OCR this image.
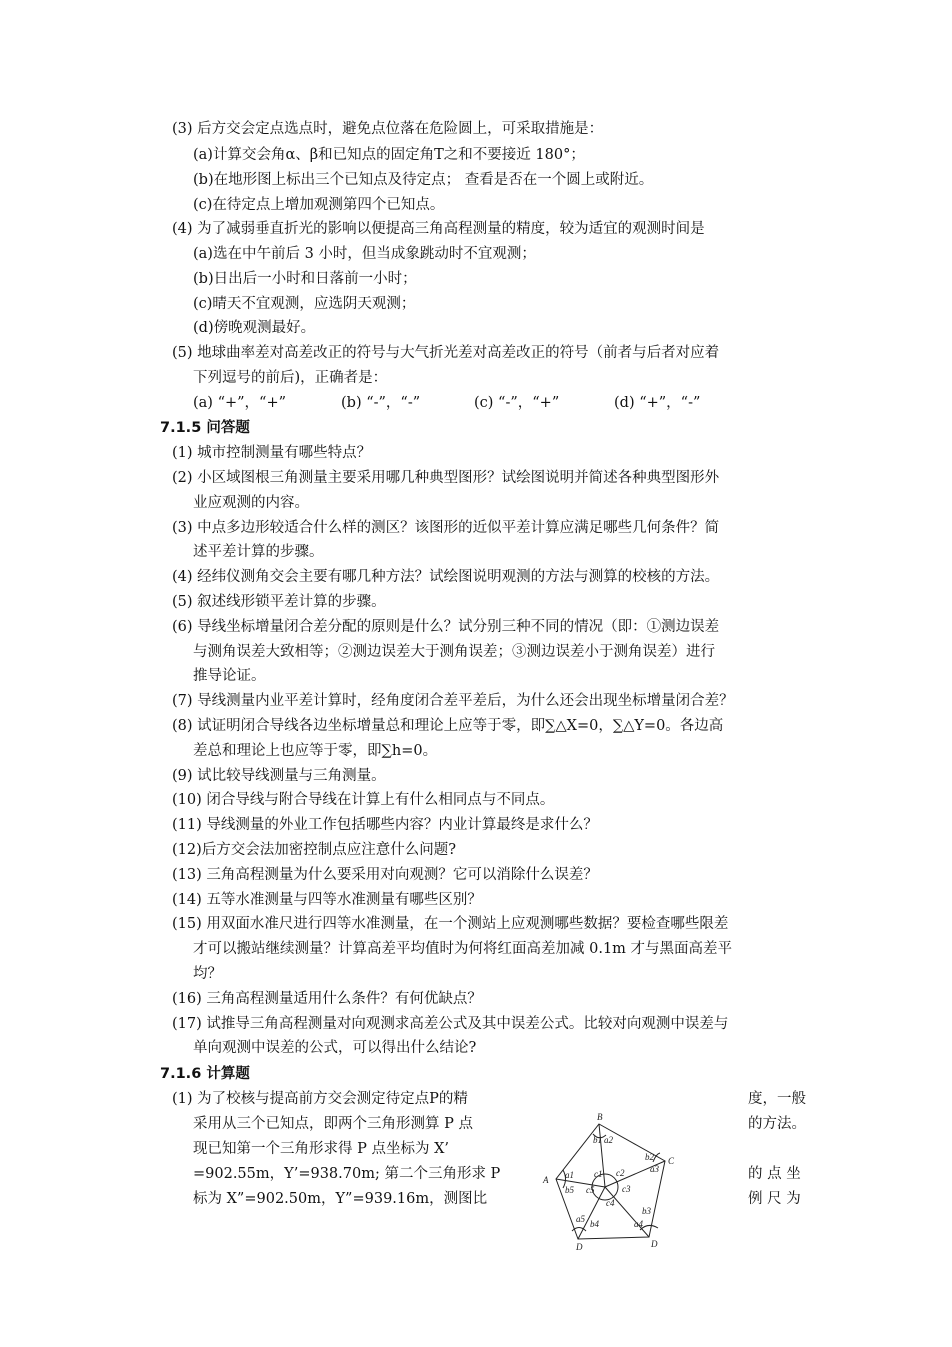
(3) 后方交会定点选点时，避免点位落在危险圆上，可采取措施是：
(a)计算交会角α、β和已知点的固定角Τ之和不要接近 180°；
(b)在地形图上标出三个已知点及待定点； 查看是否在一个圆上或附近。
(c)在待定点上增加观测第四个已知点。
(4) 为了减弱垂直折光的影响以便提高三角高程测量的精度，较为适宜的观测时间是
(a)选在中午前后 3 小时，但当成象跳动时不宜观测；
(b)日出后一小时和日落前一小时；
(c)晴天不宜观测，应选阴天观测；
(d)傍晚观测最好。
(5) 地球曲率差对高差改正的符号与大气折光差对高差改正的符号（前者与后者对应着
下列逗号的前后)，正确者是：
(a) “+”，“+”	(b) “-”，“-”	(c) “-”，“+”	(d) “+”，“-”
7.1.5 问答题
(1) 城市控制测量有哪些特点？
(2) 小区域图根三角测量主要采用哪几种典型图形？试绘图说明并简述各种典型图形外
业应观测的内容。
(3) 中点多边形较适合什么样的测区？该图形的近似平差计算应满足哪些几何条件？简
述平差计算的步骤。
(4) 经纬仪测角交会主要有哪几种方法？试绘图说明观测的方法与测算的校核的方法。
(5) 叙述线形锁平差计算的步骤。
(6) 导线坐标增量闭合差分配的原则是什么？试分别三种不同的情况（即：①测边误差
与测角误差大致相等；②测边误差大于测角误差；③测边误差小于测角误差）进行
推导论证。
(7) 导线测量内业平差计算时，经角度闭合差平差后，为什么还会出现坐标增量闭合差？
(8) 试证明闭合导线各边坐标增量总和理论上应等于零，即∑△X=0，∑△Y=0。各边高
差总和理论上也应等于零，即∑h=0。
(9) 试比较导线测量与三角测量。
(10) 闭合导线与附合导线在计算上有什么相同点与不同点。
(11) 导线测量的外业工作包括哪些内容？内业计算最终是求什么？
(12)后方交会法加密控制点应注意什么问题?
(13) 三角高程测量为什么要采用对向观测？它可以消除什么误差？
(14) 五等水准测量与四等水准测量有哪些区别？
(15) 用双面水准尺进行四等水准测量，在一个测站上应观测哪些数据？要检查哪些限差
才可以搬站继续测量？计算高差平均值时为何将红面高差加减 0.1m 才与黑面高差平
均？
(16) 三角高程测量适用什么条件？有何优缺点？
(17) 试推导三角高程测量对向观测求高差公式及其中误差公式。比较对向观测中误差与
单向观测中误差的公式，可以得出什么结论?
7.1.6 计算题
(1) 为了校核与提高前方交会测定待定点P的精
采用从三个已知点，即两个三角形测算 P 点
现已知第一个三角形求得 P 点坐标为 X’
=902.55m，Y’=938.70m; 第二个三角形求 P
标为 X”=902.50m，Y”=939.16m，测图比
度，一般
的方法。
的 点 坐
例 尺 为
B
C
D
D
A a1
a2
a3
a4
a5
b1
b2
b3
b4
b5
c1 c2
c3
c4
c5
